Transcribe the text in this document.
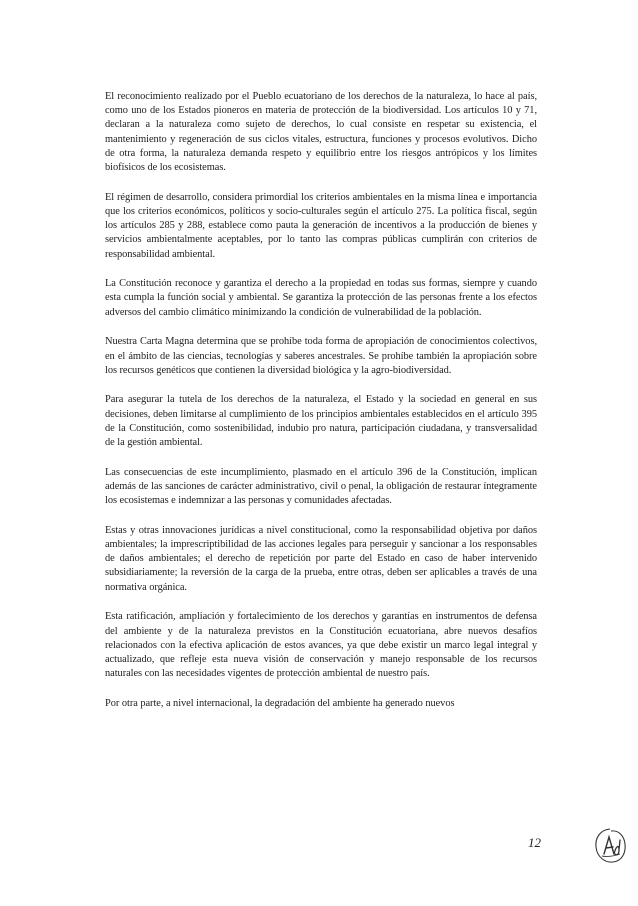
El reconocimiento realizado por el Pueblo ecuatoriano de los derechos de la naturaleza, lo hace al país, como uno de los Estados pioneros en materia de protección de la biodiversidad. Los artículos 10 y 71, declaran a la naturaleza como sujeto de derechos, lo cual consiste en respetar su existencia, el mantenimiento y regeneración de sus ciclos vitales, estructura, funciones y procesos evolutivos. Dicho de otra forma, la naturaleza demanda respeto y equilibrio entre los riesgos antrópicos y los límites biofísicos de los ecosistemas.

El régimen de desarrollo, considera primordial los criterios ambientales en la misma línea e importancia que los criterios económicos, políticos y socio-culturales según el artículo 275. La política fiscal, según los artículos 285 y 288, establece como pauta la generación de incentivos a la producción de bienes y servicios ambientalmente aceptables, por lo tanto las compras públicas cumplirán con criterios de responsabilidad ambiental.

La Constitución reconoce y garantiza el derecho a la propiedad en todas sus formas, siempre y cuando esta cumpla la función social y ambiental. Se garantiza la protección de las personas frente a los efectos adversos del cambio climático minimizando la condición de vulnerabilidad de la población.

Nuestra Carta Magna determina que se prohíbe toda forma de apropiación de conocimientos colectivos, en el ámbito de las ciencias, tecnologías y saberes ancestrales. Se prohíbe también la apropiación sobre los recursos genéticos que contienen la diversidad biológica y la agro-biodiversidad.

Para asegurar la tutela de los derechos de la naturaleza, el Estado y la sociedad en general en sus decisiones, deben limitarse al cumplimiento de los principios ambientales establecidos en el artículo 395 de la Constitución, como sostenibilidad, indubio pro natura, participación ciudadana, y transversalidad de la gestión ambiental.

Las consecuencias de este incumplimiento, plasmado en el artículo 396 de la Constitución, implican además de las sanciones de carácter administrativo, civil o penal, la obligación de restaurar íntegramente los ecosistemas e indemnizar a las personas y comunidades afectadas.

Estas y otras innovaciones jurídicas a nivel constitucional, como la responsabilidad objetiva por daños ambientales; la imprescriptibilidad de las acciones legales para perseguir y sancionar a los responsables de daños ambientales; el derecho de repetición por parte del Estado en caso de haber intervenido subsidiariamente; la reversión de la carga de la prueba, entre otras, deben ser aplicables a través de una normativa orgánica.

Esta ratificación, ampliación y fortalecimiento de los derechos y garantías en instrumentos de defensa del ambiente y de la naturaleza previstos en la Constitución ecuatoriana, abre nuevos desafíos relacionados con la efectiva aplicación de estos avances, ya que debe existir un marco legal integral y actualizado, que refleje esta nueva visión de conservación y manejo responsable de los recursos naturales con las necesidades vigentes de protección ambiental de nuestro país.

Por otra parte, a nivel internacional, la degradación del ambiente ha generado nuevos

12
